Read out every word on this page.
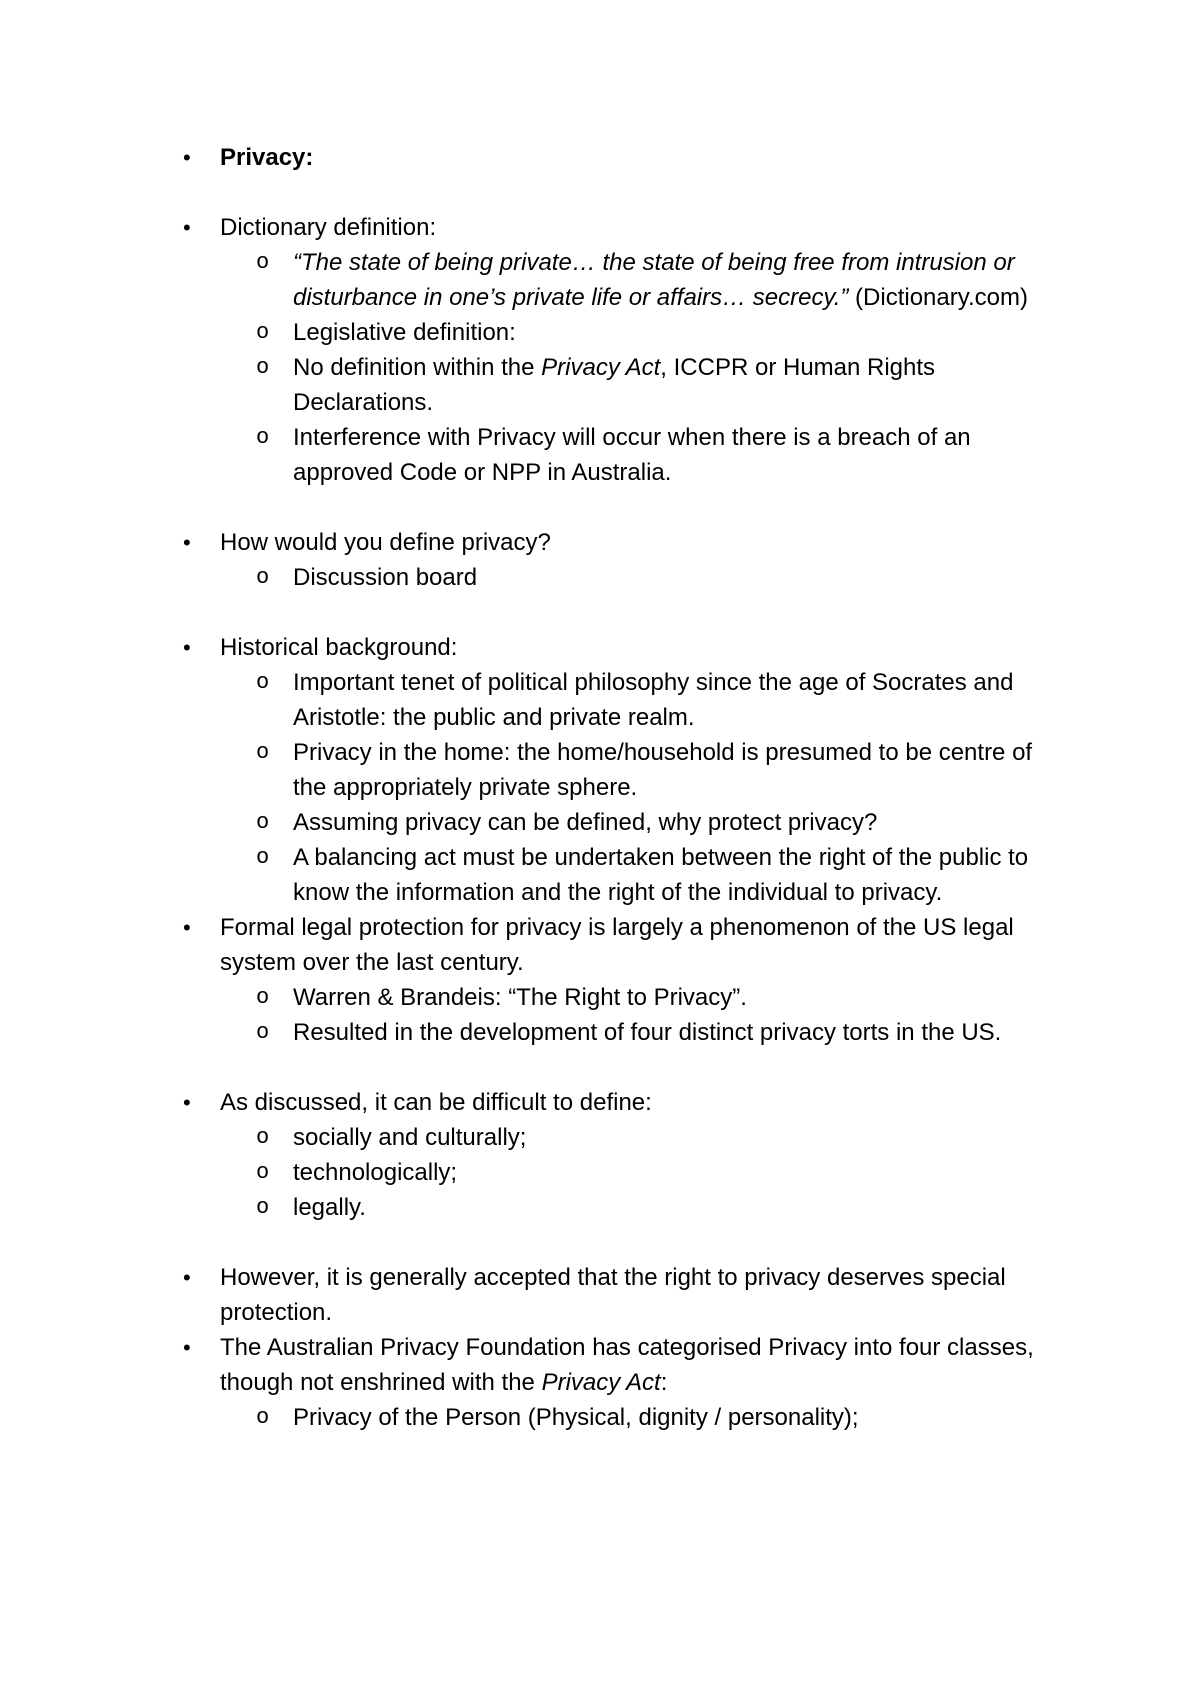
•	Privacy:
•	Dictionary definition:
o “The state of being private… the state of being free from intrusion or disturbance in one’s private life or affairs… secrecy.” (Dictionary.com)
o Legislative definition:
o No definition within the Privacy Act, ICCPR or Human Rights Declarations.
o Interference with Privacy will occur when there is a breach of an approved Code or NPP in Australia.
•	How would you define privacy?
o Discussion board
•	Historical background:
o Important tenet of political philosophy since the age of Socrates and Aristotle: the public and private realm.
o Privacy in the home: the home/household is presumed to be centre of the appropriately private sphere.
o Assuming privacy can be defined, why protect privacy?
o A balancing act must be undertaken between the right of the public to know the information and the right of the individual to privacy.
•	Formal legal protection for privacy is largely a phenomenon of the US legal system over the last century.
o Warren & Brandeis: “The Right to Privacy”.
o Resulted in the development of four distinct privacy torts in the US.
•	As discussed, it can be difficult to define:
o socially and culturally;
o technologically;
o legally.
•	However, it is generally accepted that the right to privacy deserves special protection.
•	The Australian Privacy Foundation has categorised Privacy into four classes, though not enshrined with the Privacy Act:
o Privacy of the Person (Physical, dignity / personality);
